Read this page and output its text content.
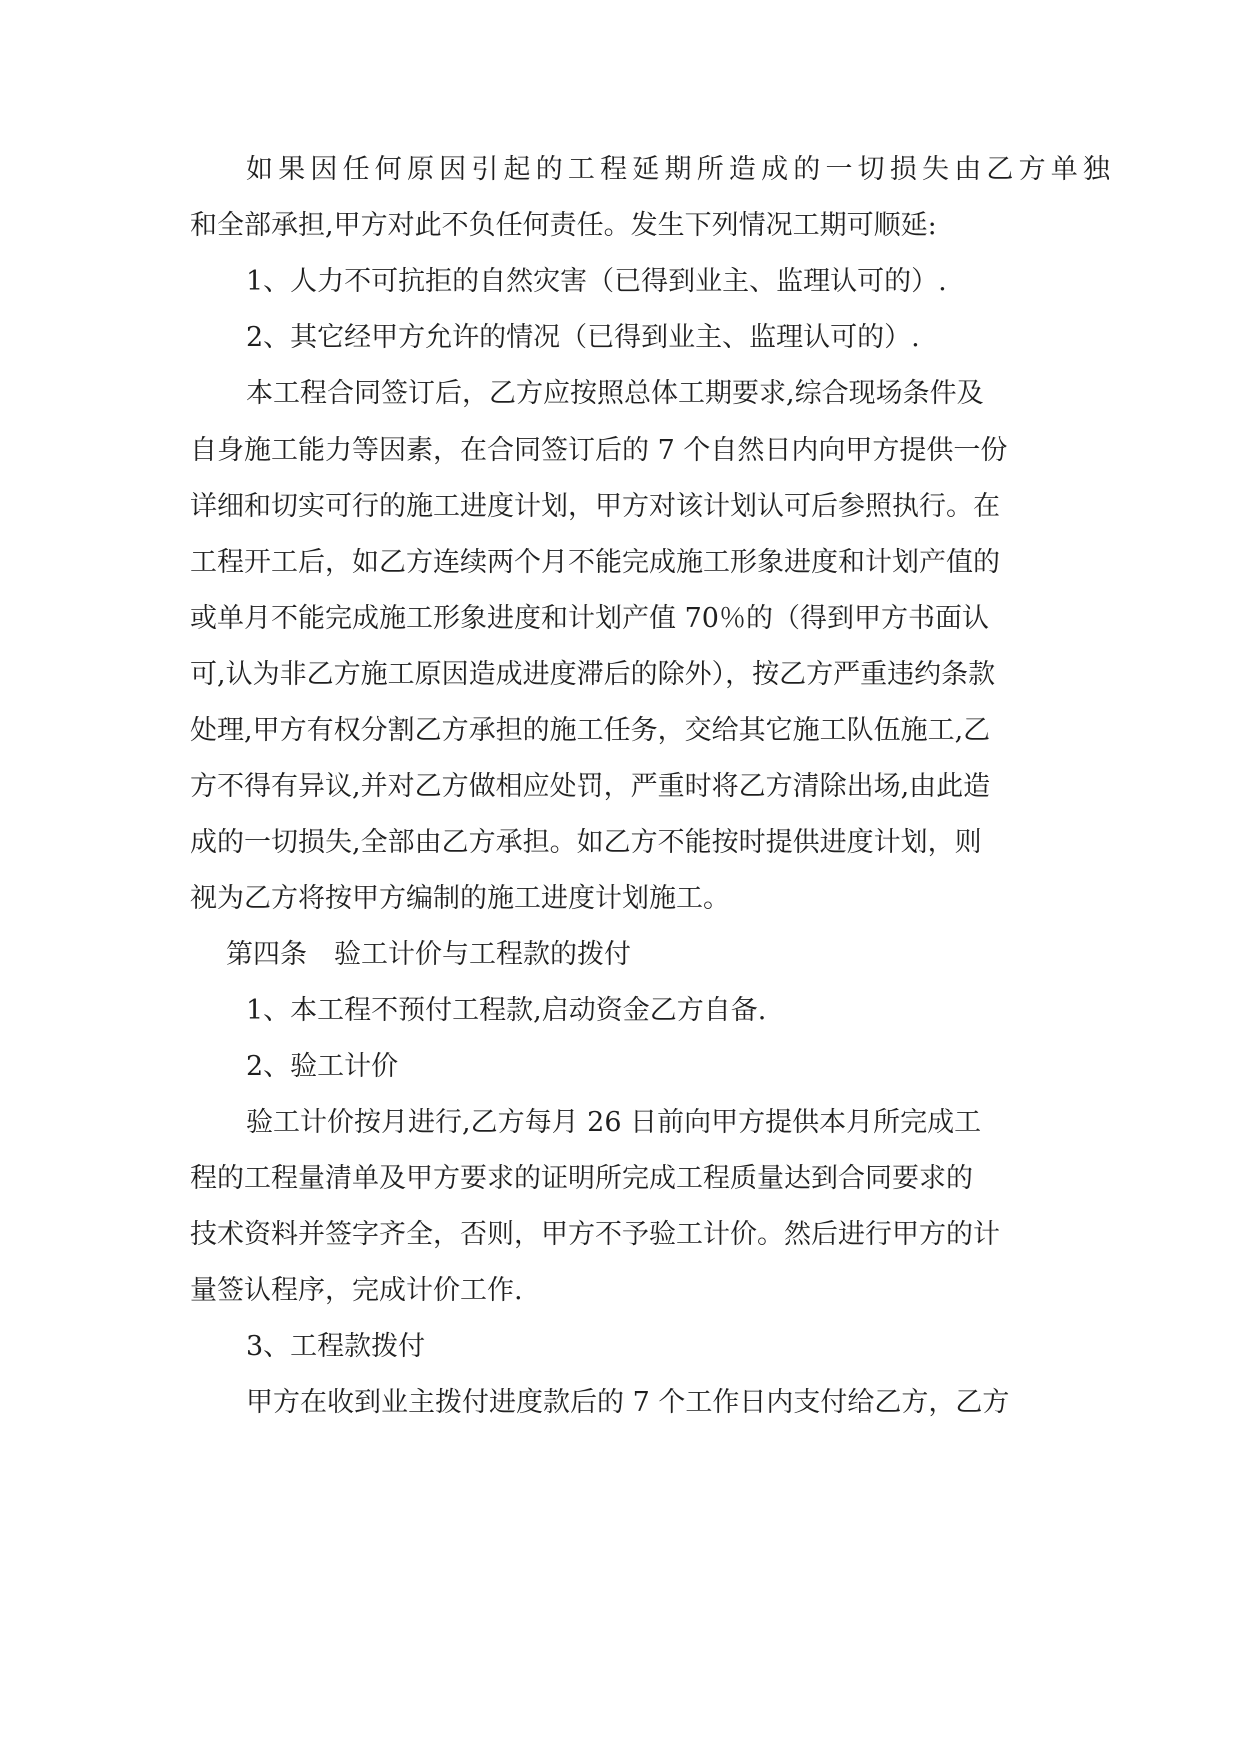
如果因任何原因引起的工程延期所造成的一切损失由乙方单独

和全部承担,甲方对此不负任何责任。发生下列情况工期可顺延:

1、人力不可抗拒的自然灾害（已得到业主、监理认可的）.

2、其它经甲方允许的情况（已得到业主、监理认可的）.

本工程合同签订后，乙方应按照总体工期要求,综合现场条件及

自身施工能力等因素，在合同签订后的 7 个自然日内向甲方提供一份

详细和切实可行的施工进度计划，甲方对该计划认可后参照执行。在

工程开工后，如乙方连续两个月不能完成施工形象进度和计划产值的

或单月不能完成施工形象进度和计划产值 70％的（得到甲方书面认

可,认为非乙方施工原因造成进度滞后的除外），按乙方严重违约条款

处理,甲方有权分割乙方承担的施工任务，交给其它施工队伍施工,乙

方不得有异议,并对乙方做相应处罚，严重时将乙方清除出场,由此造

成的一切损失,全部由乙方承担。如乙方不能按时提供进度计划，则

视为乙方将按甲方编制的施工进度计划施工。

第四条　验工计价与工程款的拨付

1、本工程不预付工程款,启动资金乙方自备.

2、验工计价

验工计价按月进行,乙方每月 26 日前向甲方提供本月所完成工

程的工程量清单及甲方要求的证明所完成工程质量达到合同要求的

技术资料并签字齐全，否则，甲方不予验工计价。然后进行甲方的计

量签认程序，完成计价工作.

3、工程款拨付

甲方在收到业主拨付进度款后的 7 个工作日内支付给乙方，乙方
